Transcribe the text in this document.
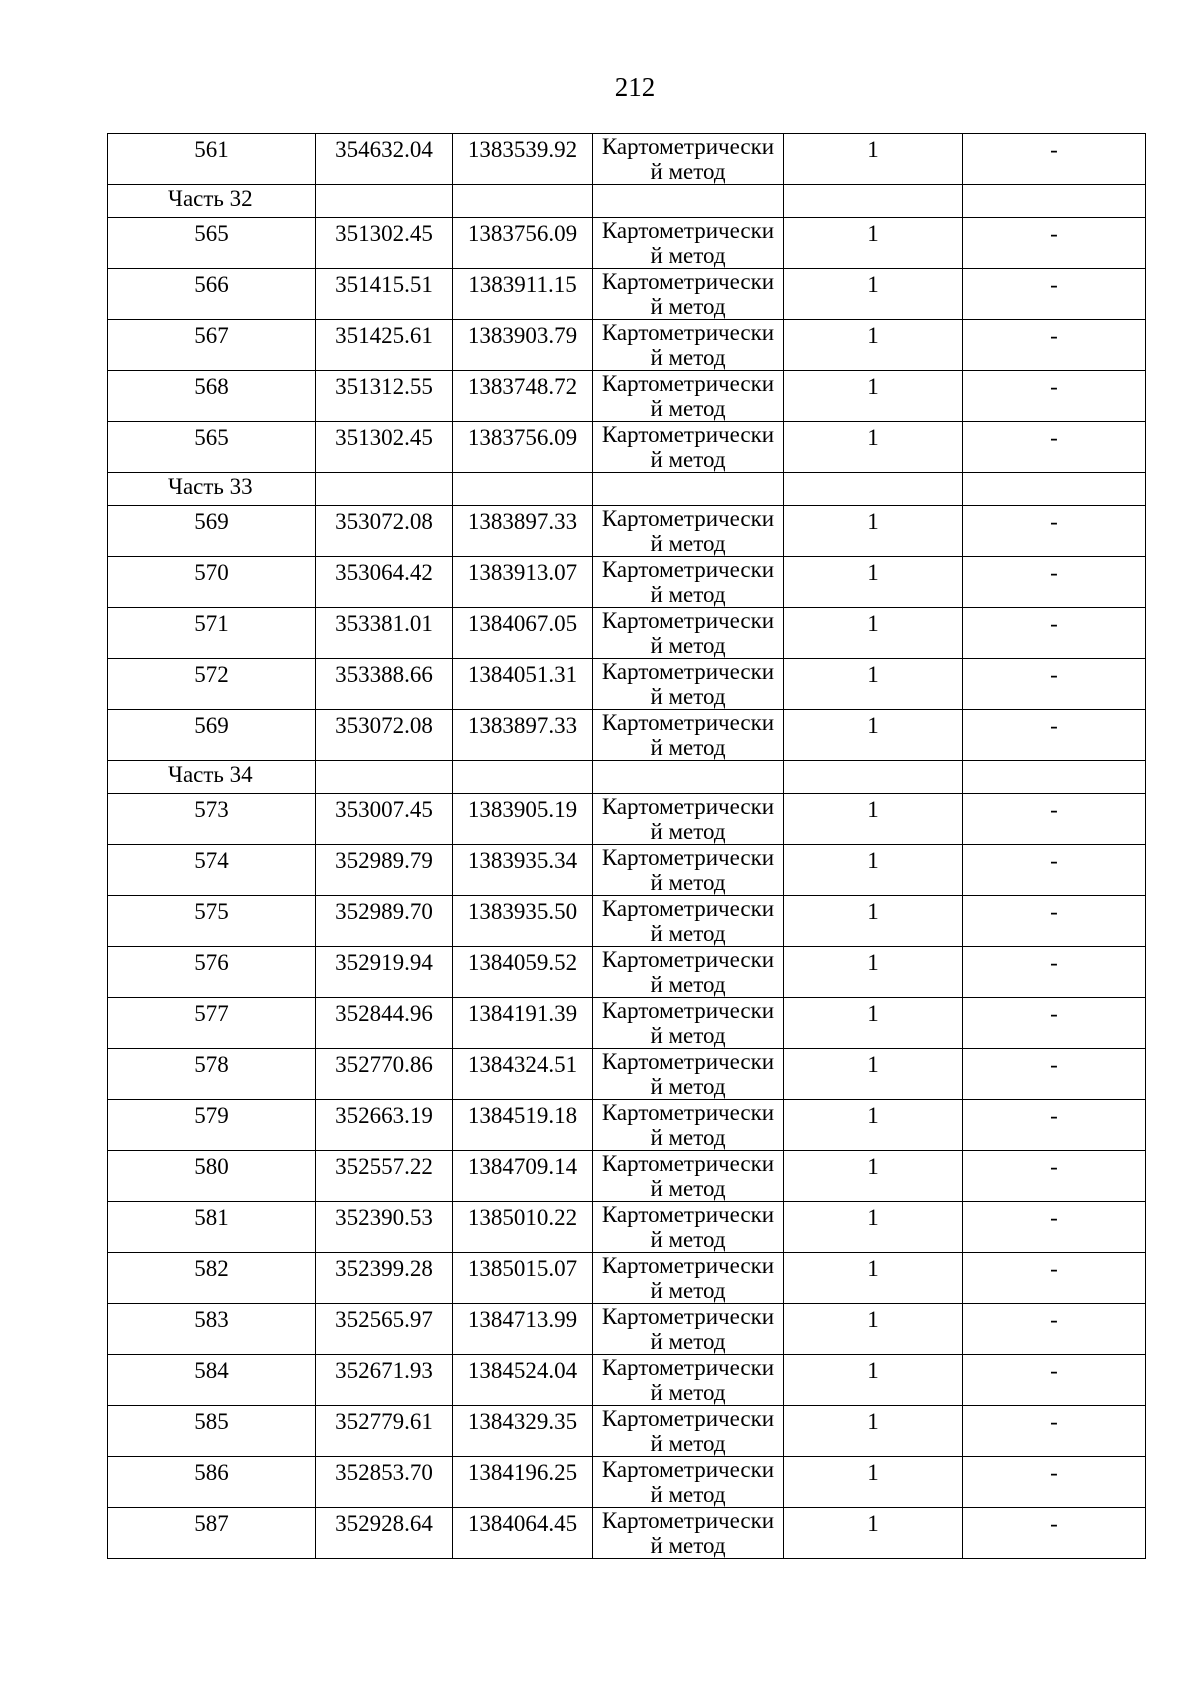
212
561	354632.04	1383539.92	Картометрически
й метод	1	-

Часть 32					

565	351302.45	1383756.09	Картометрически
й метод	1	-

566	351415.51	1383911.15	Картометрически
й метод	1	-

567	351425.61	1383903.79	Картометрически
й метод	1	-

568	351312.55	1383748.72	Картометрически
й метод	1	-

565	351302.45	1383756.09	Картометрически
й метод	1	-

Часть 33					

569	353072.08	1383897.33	Картометрически
й метод	1	-

570	353064.42	1383913.07	Картометрически
й метод	1	-

571	353381.01	1384067.05	Картометрически
й метод	1	-

572	353388.66	1384051.31	Картометрически
й метод	1	-

569	353072.08	1383897.33	Картометрически
й метод	1	-

Часть 34					

573	353007.45	1383905.19	Картометрически
й метод	1	-

574	352989.79	1383935.34	Картометрически
й метод	1	-

575	352989.70	1383935.50	Картометрически
й метод	1	-

576	352919.94	1384059.52	Картометрически
й метод	1	-

577	352844.96	1384191.39	Картометрически
й метод	1	-

578	352770.86	1384324.51	Картометрически
й метод	1	-

579	352663.19	1384519.18	Картометрически
й метод	1	-

580	352557.22	1384709.14	Картометрически
й метод	1	-

581	352390.53	1385010.22	Картометрически
й метод	1	-

582	352399.28	1385015.07	Картометрически
й метод	1	-

583	352565.97	1384713.99	Картометрически
й метод	1	-

584	352671.93	1384524.04	Картометрически
й метод	1	-

585	352779.61	1384329.35	Картометрически
й метод	1	-

586	352853.70	1384196.25	Картометрически
й метод	1	-

587	352928.64	1384064.45	Картометрически
й метод	1	-
